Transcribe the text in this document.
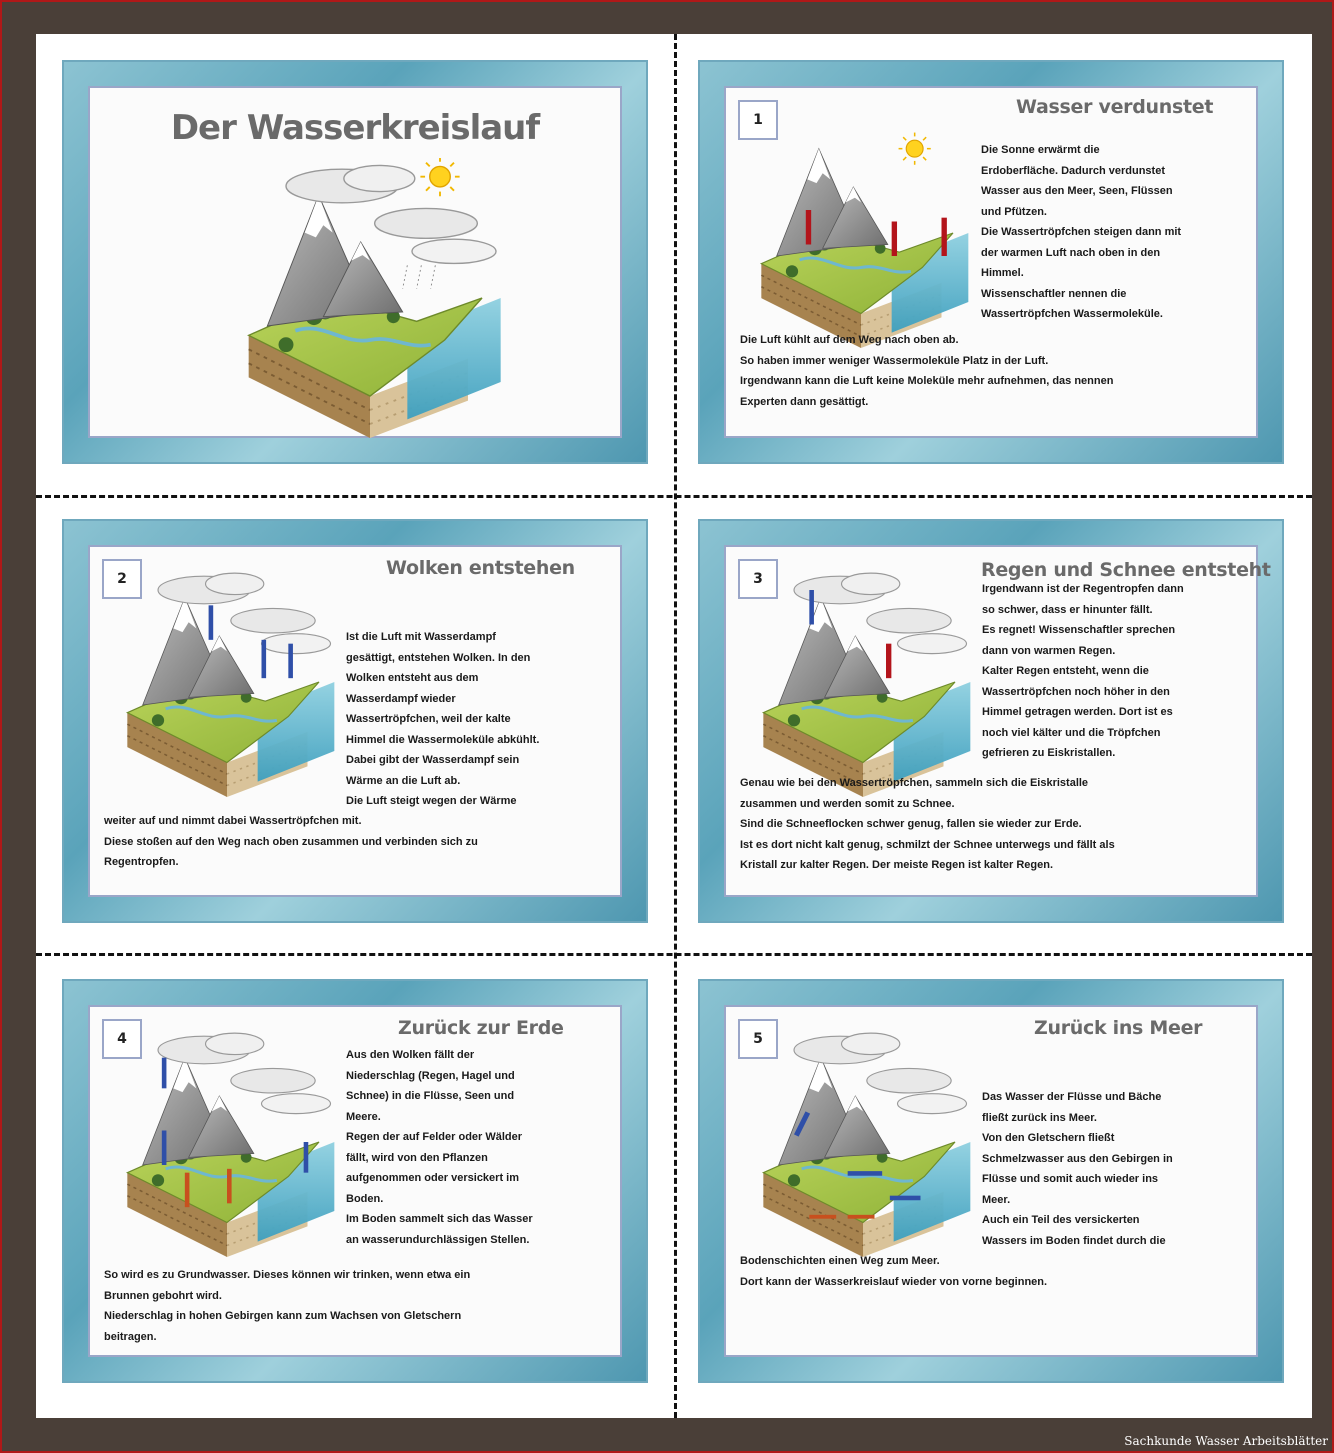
Der Wasserkreislauf	1
Wasser verdunstet

Die Sonne erwärmt die

Erdoberfläche. Dadurch verdunstet

Wasser aus den Meer, Seen, Flüssen

und Pfützen.

Die Wassertröpfchen steigen dann mit

der warmen Luft nach oben in den

Himmel.

Wissenschaftler nennen die

Wassertröpfchen Wassermoleküle.

Die Luft kühlt auf dem Weg nach oben ab.

So haben immer weniger Wassermoleküle Platz in der Luft.

Irgendwann kann die Luft keine Moleküle mehr aufnehmen, das nennen

Experten dann gesättigt.

2	Wolken entstehen

Ist die Luft mit Wasserdampf

gesättigt, entstehen Wolken. In den

Wolken entsteht aus dem

Wasserdampf wieder

Wassertröpfchen, weil der kalte

Himmel die Wassermoleküle abkühlt.

Dabei gibt der Wasserdampf sein

Wärme an die Luft ab.

Die Luft steigt wegen der Wärme

weiter auf und nimmt dabei Wassertröpfchen mit.

Diese stoßen auf den Weg nach oben zusammen und verbinden sich zu

Regentropfen.

3	Regen und Schnee entsteht

Irgendwann ist der Regentropfen dann

so schwer, dass er hinunter fällt.

Es regnet! Wissenschaftler sprechen

dann von warmen Regen.

Kalter Regen entsteht, wenn die

Wassertröpfchen noch höher in den

Himmel getragen werden. Dort ist es

noch viel kälter und die Tröpfchen

gefrieren zu Eiskristallen.

Genau wie bei den Wassertröpfchen, sammeln sich die Eiskristalle

zusammen und werden somit zu Schnee.

Sind die Schneeflocken schwer genug, fallen sie wieder zur Erde.

Ist es dort nicht kalt genug, schmilzt der Schnee unterwegs und fällt als

Kristall zur kalter Regen. Der meiste Regen ist kalter Regen.

4	Zurück zur Erde

Aus den Wolken fällt der

Niederschlag (Regen, Hagel und

Schnee) in die Flüsse, Seen und

Meere.

Regen der auf Felder oder Wälder

fällt, wird von den Pflanzen

aufgenommen oder versickert im

Boden.

Im Boden sammelt sich das Wasser

an wasserundurchlässigen Stellen.

So wird es zu Grundwasser. Dieses können wir trinken, wenn etwa ein

Brunnen gebohrt wird.

Niederschlag in hohen Gebirgen kann zum Wachsen von Gletschern

beitragen.

5	Zurück ins Meer

Das Wasser der Flüsse und Bäche

fließt zurück ins Meer.

Von den Gletschern fließt

Schmelzwasser aus den Gebirgen in

Flüsse und somit auch wieder ins

Meer.

Auch ein Teil des versickerten

Wassers im Boden findet durch die

Bodenschichten einen Weg zum Meer.

Dort kann der Wasserkreislauf wieder von vorne beginnen.

Sachkunde Wasser Arbeitsblätter
